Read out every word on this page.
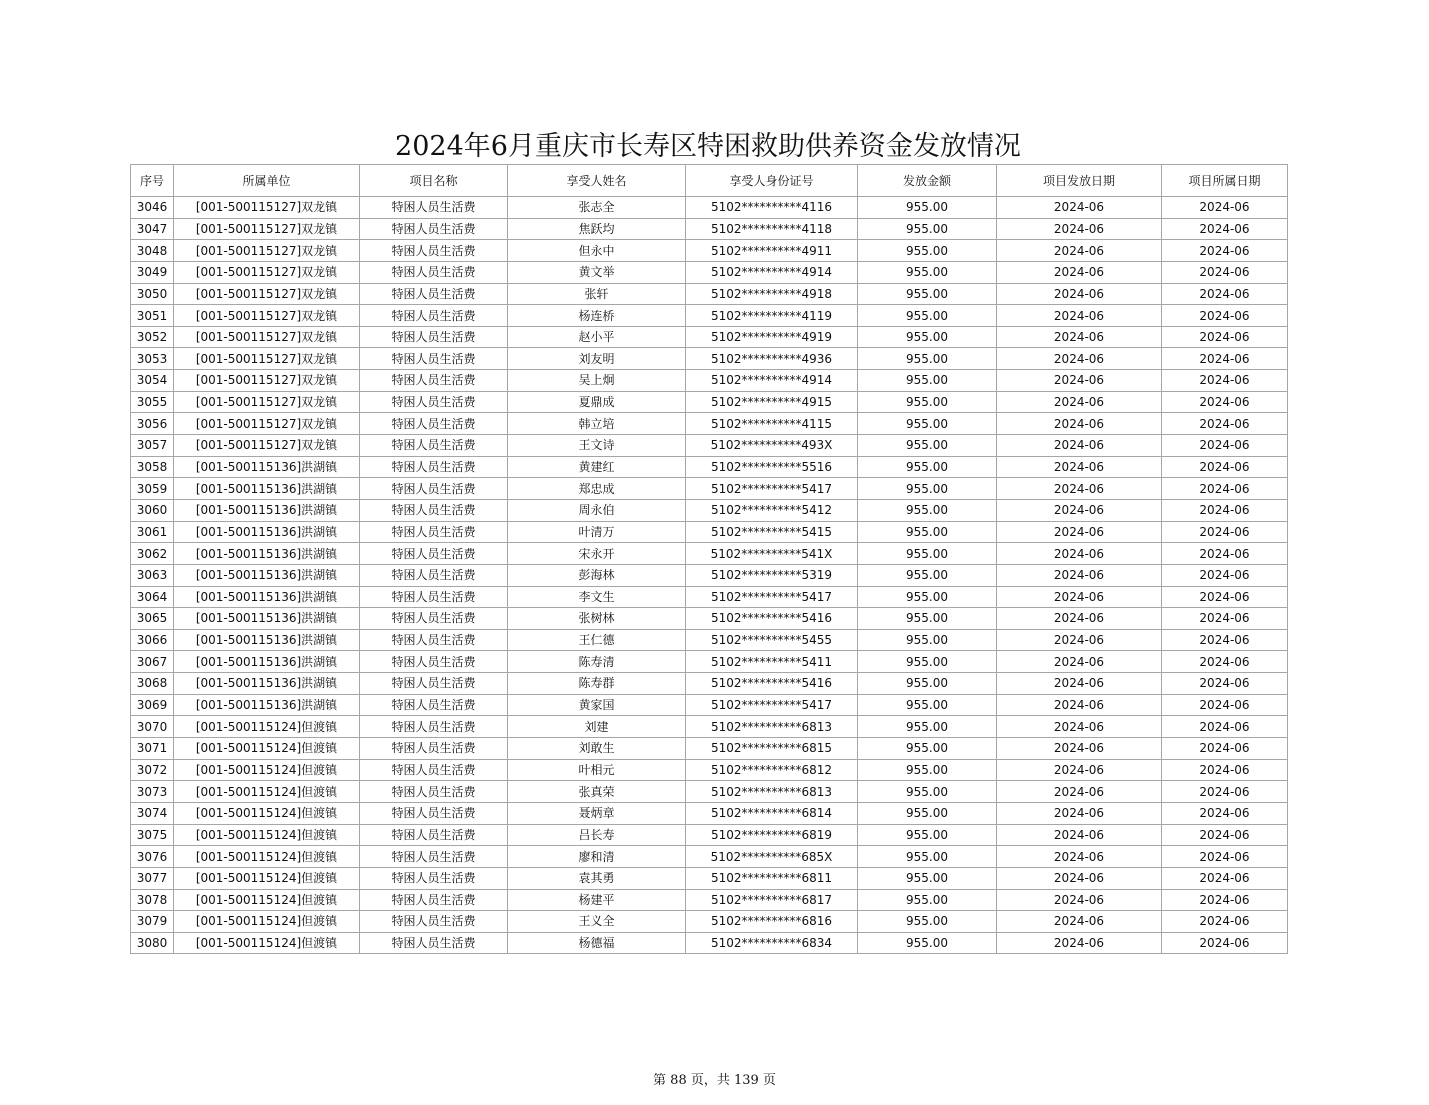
2024年6月重庆市长寿区特困救助供养资金发放情况
序号	所属单位	项目名称	享受人姓名	享受人身份证号	发放金额	项目发放日期	项目所属日期
3046	[001-500115127]双龙镇	特困人员生活费	张志全	5102**********4116	955.00	2024-06	2024-06
3047	[001-500115127]双龙镇	特困人员生活费	焦跃均	5102**********4118	955.00	2024-06	2024-06
3048	[001-500115127]双龙镇	特困人员生活费	但永中	5102**********4911	955.00	2024-06	2024-06
3049	[001-500115127]双龙镇	特困人员生活费	黄文举	5102**********4914	955.00	2024-06	2024-06
3050	[001-500115127]双龙镇	特困人员生活费	张轩	5102**********4918	955.00	2024-06	2024-06
3051	[001-500115127]双龙镇	特困人员生活费	杨连桥	5102**********4119	955.00	2024-06	2024-06
3052	[001-500115127]双龙镇	特困人员生活费	赵小平	5102**********4919	955.00	2024-06	2024-06
3053	[001-500115127]双龙镇	特困人员生活费	刘友明	5102**********4936	955.00	2024-06	2024-06
3054	[001-500115127]双龙镇	特困人员生活费	吴上炯	5102**********4914	955.00	2024-06	2024-06
3055	[001-500115127]双龙镇	特困人员生活费	夏鼎成	5102**********4915	955.00	2024-06	2024-06
3056	[001-500115127]双龙镇	特困人员生活费	韩立培	5102**********4115	955.00	2024-06	2024-06
3057	[001-500115127]双龙镇	特困人员生活费	王文诗	5102**********493X	955.00	2024-06	2024-06
3058	[001-500115136]洪湖镇	特困人员生活费	黄建红	5102**********5516	955.00	2024-06	2024-06
3059	[001-500115136]洪湖镇	特困人员生活费	郑忠成	5102**********5417	955.00	2024-06	2024-06
3060	[001-500115136]洪湖镇	特困人员生活费	周永伯	5102**********5412	955.00	2024-06	2024-06
3061	[001-500115136]洪湖镇	特困人员生活费	叶清万	5102**********5415	955.00	2024-06	2024-06
3062	[001-500115136]洪湖镇	特困人员生活费	宋永开	5102**********541X	955.00	2024-06	2024-06
3063	[001-500115136]洪湖镇	特困人员生活费	彭海林	5102**********5319	955.00	2024-06	2024-06
3064	[001-500115136]洪湖镇	特困人员生活费	李文生	5102**********5417	955.00	2024-06	2024-06
3065	[001-500115136]洪湖镇	特困人员生活费	张树林	5102**********5416	955.00	2024-06	2024-06
3066	[001-500115136]洪湖镇	特困人员生活费	王仁德	5102**********5455	955.00	2024-06	2024-06
3067	[001-500115136]洪湖镇	特困人员生活费	陈寿清	5102**********5411	955.00	2024-06	2024-06
3068	[001-500115136]洪湖镇	特困人员生活费	陈寿群	5102**********5416	955.00	2024-06	2024-06
3069	[001-500115136]洪湖镇	特困人员生活费	黄家国	5102**********5417	955.00	2024-06	2024-06
3070	[001-500115124]但渡镇	特困人员生活费	刘建	5102**********6813	955.00	2024-06	2024-06
3071	[001-500115124]但渡镇	特困人员生活费	刘敢生	5102**********6815	955.00	2024-06	2024-06
3072	[001-500115124]但渡镇	特困人员生活费	叶相元	5102**********6812	955.00	2024-06	2024-06
3073	[001-500115124]但渡镇	特困人员生活费	张真荣	5102**********6813	955.00	2024-06	2024-06
3074	[001-500115124]但渡镇	特困人员生活费	聂炳章	5102**********6814	955.00	2024-06	2024-06
3075	[001-500115124]但渡镇	特困人员生活费	吕长寿	5102**********6819	955.00	2024-06	2024-06
3076	[001-500115124]但渡镇	特困人员生活费	廖和清	5102**********685X	955.00	2024-06	2024-06
3077	[001-500115124]但渡镇	特困人员生活费	袁其勇	5102**********6811	955.00	2024-06	2024-06
3078	[001-500115124]但渡镇	特困人员生活费	杨建平	5102**********6817	955.00	2024-06	2024-06
3079	[001-500115124]但渡镇	特困人员生活费	王义全	5102**********6816	955.00	2024-06	2024-06
3080	[001-500115124]但渡镇	特困人员生活费	杨德福	5102**********6834	955.00	2024-06	2024-06
第 88 页，共 139 页
